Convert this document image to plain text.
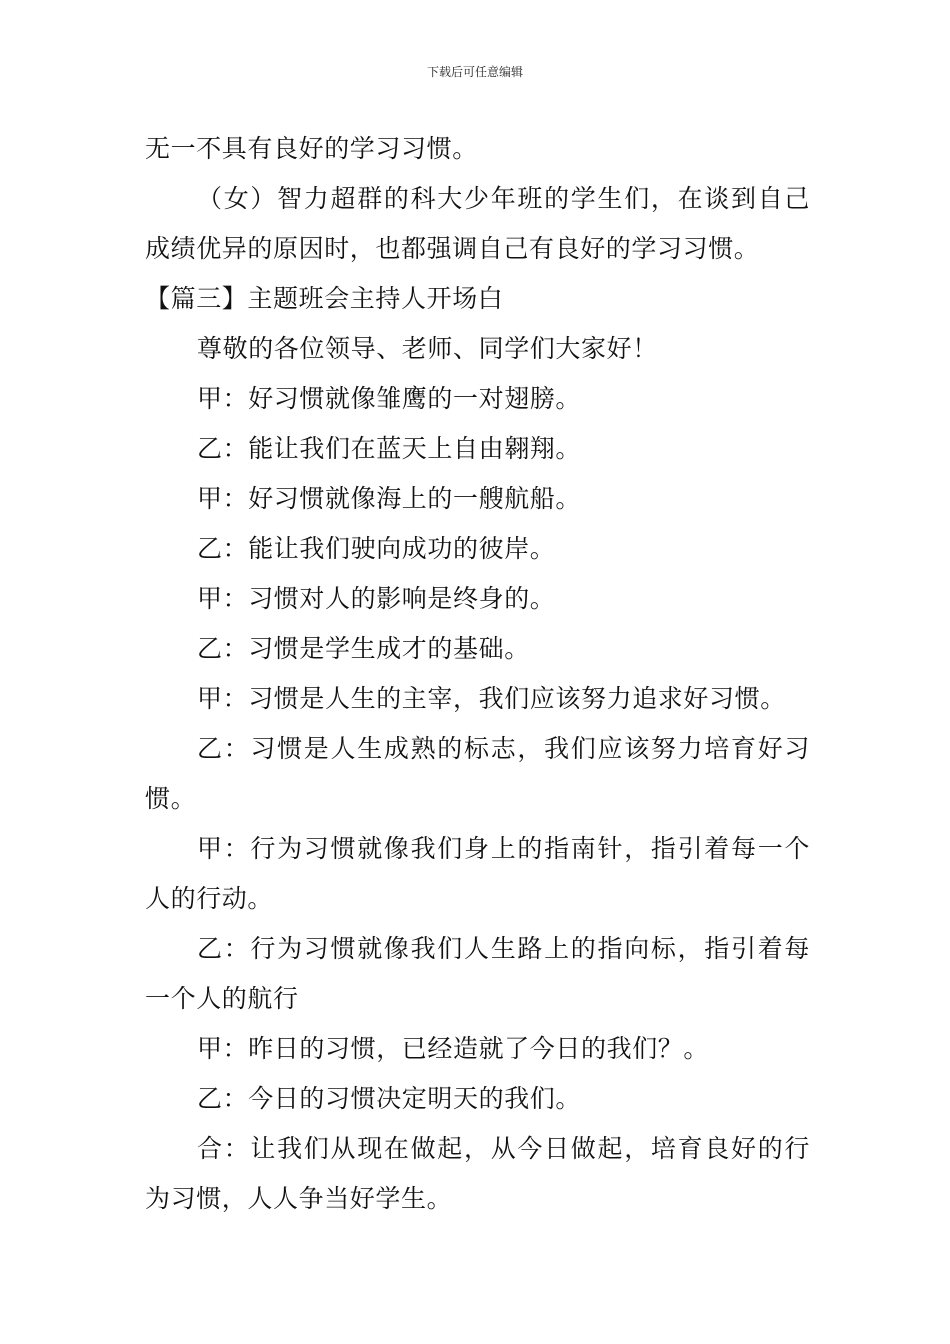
下载后可任意编辑
无一不具有良好的学习习惯。
（女）智力超群的科大少年班的学生们，在谈到自己
成绩优异的原因时，也都强调自己有良好的学习习惯。
【篇三】主题班会主持人开场白
尊敬的各位领导、老师、同学们大家好！
甲：好习惯就像雏鹰的一对翅膀。
乙：能让我们在蓝天上自由翱翔。
甲：好习惯就像海上的一艘航船。
乙：能让我们驶向成功的彼岸。
甲：习惯对人的影响是终身的。
乙：习惯是学生成才的基础。
甲：习惯是人生的主宰，我们应该努力追求好习惯。
乙：习惯是人生成熟的标志，我们应该努力培育好习
惯。
甲：行为习惯就像我们身上的指南针，指引着每一个
人的行动。
乙：行为习惯就像我们人生路上的指向标，指引着每
一个人的航行
甲：昨日的习惯，已经造就了今日的我们？。
乙：今日的习惯决定明天的我们。
合：让我们从现在做起，从今日做起，培育良好的行
为习惯，人人争当好学生。
